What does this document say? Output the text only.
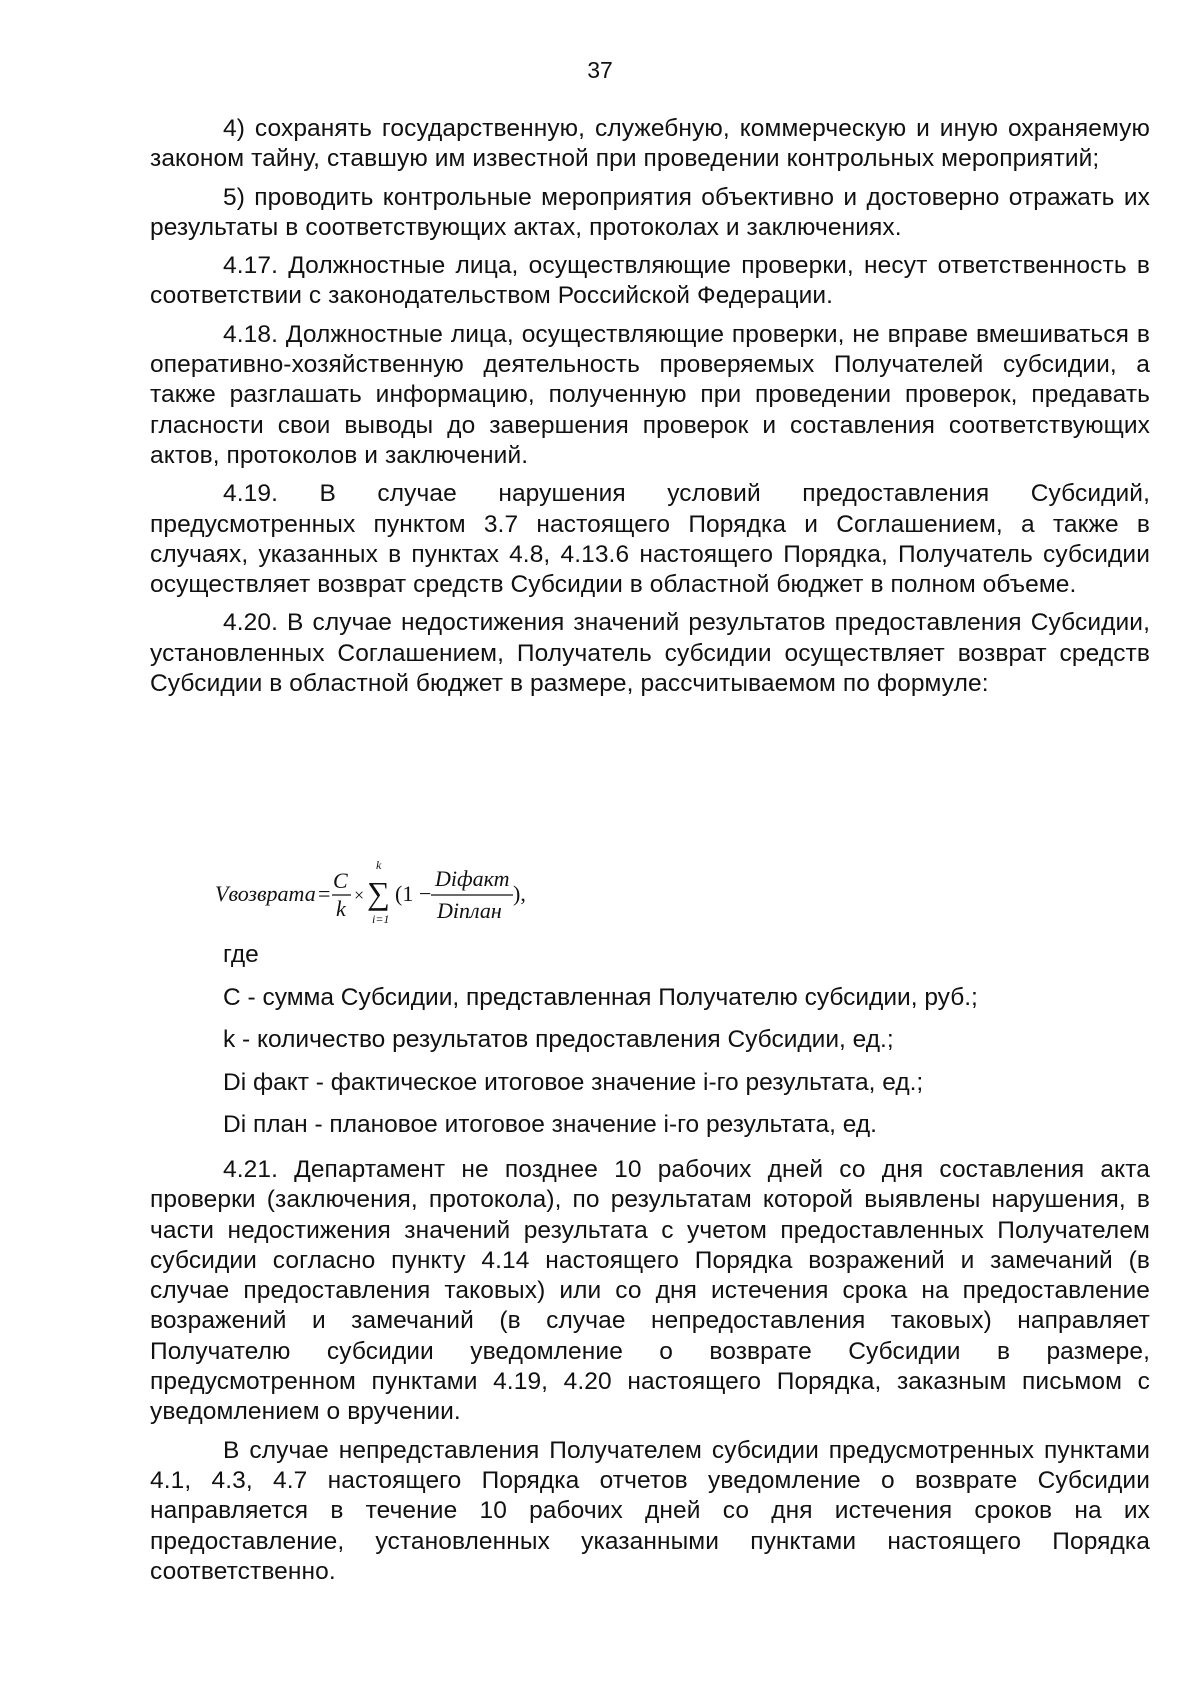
37

4) сохранять государственную, служебную, коммерческую и иную охраняемую законом тайну, ставшую им известной при проведении контрольных мероприятий;

5) проводить контрольные мероприятия объективно и достоверно отражать их результаты в соответствующих актах, протоколах и заключениях.

4.17. Должностные лица, осуществляющие проверки, несут ответственность в соответствии с законодательством Российской Федерации.

4.18. Должностные лица, осуществляющие проверки, не вправе вмешиваться в оперативно-хозяйственную деятельность проверяемых Получателей субсидии, а также разглашать информацию, полученную при проведении проверок, предавать гласности свои выводы до завершения проверок и составления соответствующих актов, протоколов и заключений.

4.19. В случае нарушения условий предоставления Субсидий, предусмотренных пунктом 3.7 настоящего Порядка и Соглашением, а также в случаях, указанных в пунктах 4.8, 4.13.6 настоящего Порядка, Получатель субсидии осуществляет возврат средств Субсидии в областной бюджет в полном объеме.

4.20. В случае недостижения значений результатов предоставления Субсидии, установленных Соглашением, Получатель субсидии осуществляет возврат средств Субсидии в областной бюджет в размере, рассчитываемом по формуле:

Vвозврата =
C
k
×
k
∑
i=1
(1 −
Diфакт
Diплан
),

где

C - сумма Субсидии, представленная Получателю субсидии, руб.;

k - количество результатов предоставления Субсидии, ед.;

Di факт - фактическое итоговое значение i-го результата, ед.;

Di план - плановое итоговое значение i-го результата, ед.

4.21. Департамент не позднее 10 рабочих дней со дня составления акта проверки (заключения, протокола), по результатам которой выявлены нарушения, в части недостижения значений результата с учетом предоставленных Получателем субсидии согласно пункту 4.14 настоящего Порядка возражений и замечаний (в случае предоставления таковых) или со дня истечения срока на предоставление возражений и замечаний (в случае непредоставления таковых) направляет Получателю субсидии уведомление о возврате Субсидии в размере, предусмотренном пунктами 4.19, 4.20 настоящего Порядка, заказным письмом с уведомлением о вручении.

В случае непредставления Получателем субсидии предусмотренных пунктами 4.1, 4.3, 4.7 настоящего Порядка отчетов уведомление о возврате Субсидии направляется в течение 10 рабочих дней со дня истечения сроков на их предоставление, установленных указанными пунктами настоящего Порядка соответственно.
